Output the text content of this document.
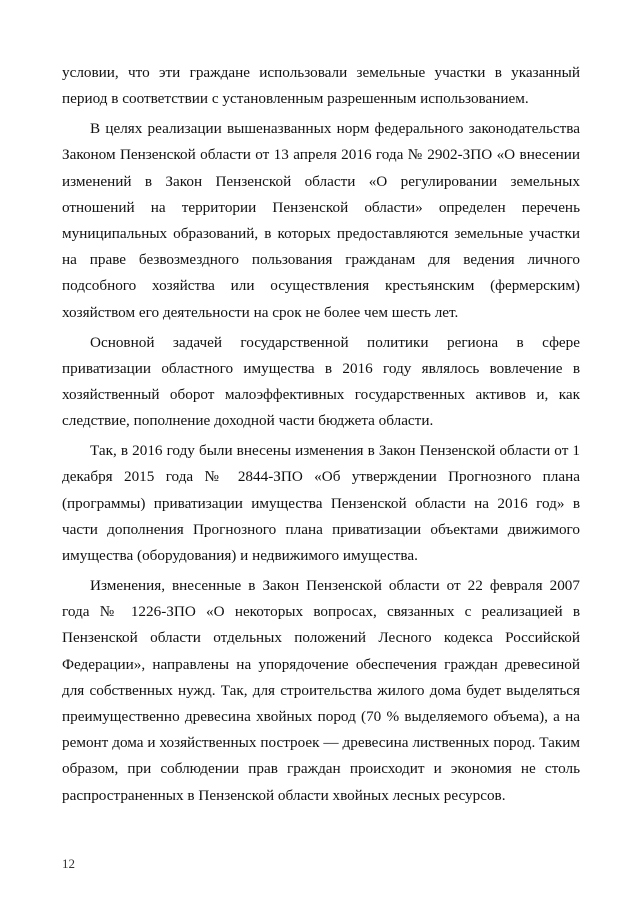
условии, что эти граждане использовали земельные участки в указанный период в соответствии с установленным разрешенным использованием.

В целях реализации вышеназванных норм федерального законодательства Законом Пензенской области от 13 апреля 2016 года № 2902-ЗПО «О внесении изменений в Закон Пензенской области «О регулировании земельных отношений на территории Пензенской области» определен перечень муниципальных образований, в которых предоставляются земельные участки на праве безвозмездного пользования гражданам для ведения личного подсобного хозяйства или осуществления крестьянским (фермерским) хозяйством его деятельности на срок не более чем шесть лет.

Основной задачей государственной политики региона в сфере приватизации областного имущества в 2016 году являлось вовлечение в хозяйственный оборот малоэффективных государственных активов и, как следствие, пополнение доходной части бюджета области.

Так, в 2016 году были внесены изменения в Закон Пензенской области от 1 декабря 2015 года № 2844-ЗПО «Об утверждении Прогнозного плана (программы) приватизации имущества Пензенской области на 2016 год» в части дополнения Прогнозного плана приватизации объектами движимого имущества (оборудования) и недвижимого имущества.

Изменения, внесенные в Закон Пензенской области от 22 февраля 2007 года № 1226-ЗПО «О некоторых вопросах, связанных с реализацией в Пензенской области отдельных положений Лесного кодекса Российской Федерации», направлены на упорядочение обеспечения граждан древесиной для собственных нужд. Так, для строительства жилого дома будет выделяться преимущественно древесина хвойных пород (70 % выделяемого объема), а на ремонт дома и хозяйственных построек — древесина лиственных пород. Таким образом, при соблюдении прав граждан происходит и экономия не столь распространенных в Пензенской области хвойных лесных ресурсов.

12
